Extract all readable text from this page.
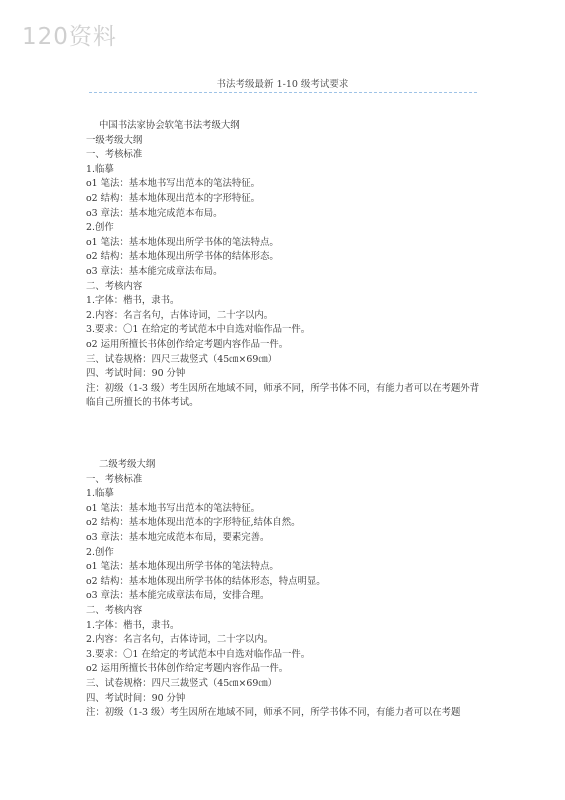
120资料
书法考级最新 1-10 级考试要求
中国书法家协会软笔书法考级大纲
一级考级大纲
一、考核标准
1.临摹
o1 笔法：基本地书写出范本的笔法特征。
o2 结构：基本地体现出范本的字形特征。
o3 章法：基本地完成范本布局。
2.创作
o1 笔法：基本地体现出所学书体的笔法特点。
o2 结构：基本地体现出所学书体的结体形态。
o3 章法：基本能完成章法布局。
二、考核内容
1.字体：楷书，隶书。
2.内容：名言名句，古体诗词，二十字以内。
3.要求：〇1 在给定的考试范本中自选对临作品一件。
o2 运用所擅长书体创作给定考题内容作品一件。
三、试卷规格：四尺三裁竖式（45㎝×69㎝）
四、考试时间：90 分钟
注：初级（1-3 级）考生因所在地域不同，师承不同，所学书体不同，有能力者可以在考题外背临自己所擅长的书体考试。
二级考级大纲
一、考核标准
1.临摹
o1 笔法：基本地书写出范本的笔法特征。
o2 结构：基本地体现出范本的字形特征,结体自然。
o3 章法：基本地完成范本布局，要素完善。
2.创作
o1 笔法：基本地体现出所学书体的笔法特点。
o2 结构：基本地体现出所学书体的结体形态，特点明显。
o3 章法：基本能完成章法布局，安排合理。
二、考核内容
1.字体：楷书，隶书。
2.内容：名言名句，古体诗词，二十字以内。
3.要求：〇1 在给定的考试范本中自选对临作品一件。
o2 运用所擅长书体创作给定考题内容作品一件。
三、试卷规格：四尺三裁竖式（45㎝×69㎝）
四、考试时间：90 分钟
注：初级（1-3 级）考生因所在地域不同，师承不同，所学书体不同，有能力者可以在考题
